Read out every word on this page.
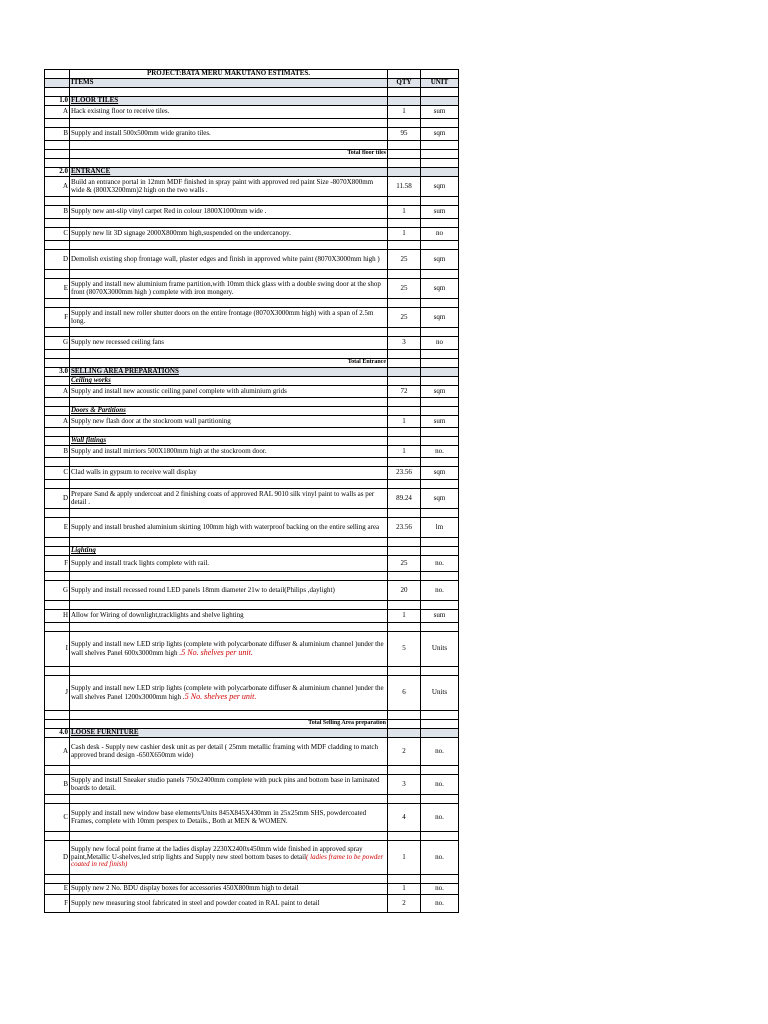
	PROJECT:BATA MERU MAKUTANO ESTIMATES.		
	ITEMS	QTY	UNIT

1.0	FLOOR TILES		
A	Hack existing floor to receive tiles.	1	sum

B	Supply and install 500x500mm wide granito tiles.	95	sqm

	Total floor tiles		

2.0	ENTRANCE		
A	Build an entrance portal in 12mm MDF finished in spray paint with approved red paint Size -8070X800mm wide & (800X3200mm)2 high on the two walls .	11.58	sqm

B	Supply new ant-slip vinyl carpet Red in colour 1800X1000mm wide .	1	sum

C	Supply new lit 3D signage 2000X800mm high,suspended on the undercanopy.	1	no

D	Demolish existing shop frontage wall, plaster edges and finish in approved white paint (8070X3000mm high )	25	sqm

E	Supply and install new aluminium frame partition,with 10mm thick glass with a double swing door at the shop front (8070X3000mm high ) complete with iron mongery.	25	sqm

F	Supply and install new roller shutter doors on the entire frontage (8070X3000mm high) with a span of 2.5m long.	25	sqm

G	Supply new recessed ceiling fans	3	no

	Total Entrance		
3.0	SELLING AREA PREPARATIONS		
	Ceiling works		
A	Supply and install new acoustic ceiling panel complete with aluminium grids	72	sqm

	Doors & Partitions		
A	Supply new flash door at the stockroom wall partitioning	1	sum

	Wall fittings		
B	Supply and install mirriors 500X1800mm high at the stockroom door.	1	no.

C	Clad walls in gypsum to receive wall display	23.56	sqm

D	Prepare Sand & apply undercoat and 2 finishing coats of approved RAL 9010 silk vinyl paint to walls as per detail .	89.24	sqm

E	Supply and install brushed aluminium skirting 100mm high with waterproof backing on the entire selling area	23.56	lm

	Lighting		
F	Supply and install track lights complete with rail.	25	no.

G	Supply and install recessed round LED panels 18mm diameter 21w to detail(Philips ,daylight)	20	no.

H	Allow for Wiring of downlight,tracklights and shelve lighting	1	sum

I	Supply and install new LED strip lights (complete with polycarbonate diffuser & aluminium channel )under the wall shelves Panel 600x3000mm high .5 No. shelves per unit.	5	Units

J	Supply and install new LED strip lights (complete with polycarbonate diffuser & aluminium channel )under the wall shelves Panel 1200x3000mm high .5 No. shelves per unit.	6	Units

	Total Selling Area preparation		
4.0	LOOSE FURNITURE		
A	Cash desk - Supply new cashier desk unit as per detail ( 25mm metallic framing with MDF cladding to match approved brand design -650X650mm wide)	2	no.

B	Supply and install Sneaker studio panels 750x2400mm complete with puck pins and bottom base in laminated boards to detail.	3	no.

C	Supply and install new window base elements/Units 845X845X430mm in 25x25mm SHS, powdercoated Frames, complete with 10mm perspex to Details., Both at MEN & WOMEN.	4	no.

D	Supply new focal point frame at the ladies display 2230X2400x450mm wide finished in approved spray paint,Metallic U-shelves,led strip lights and Supply new steel bottom bases to detail( ladies frame to be powder coated in red finish)	1	no.

E	Supply new 2 No. BDU display boxes for accessories 450X800mm high to detail	1	no.
F	Supply new measuring stool fabricated in steel and powder coated in RAL paint to detail	2	no.
